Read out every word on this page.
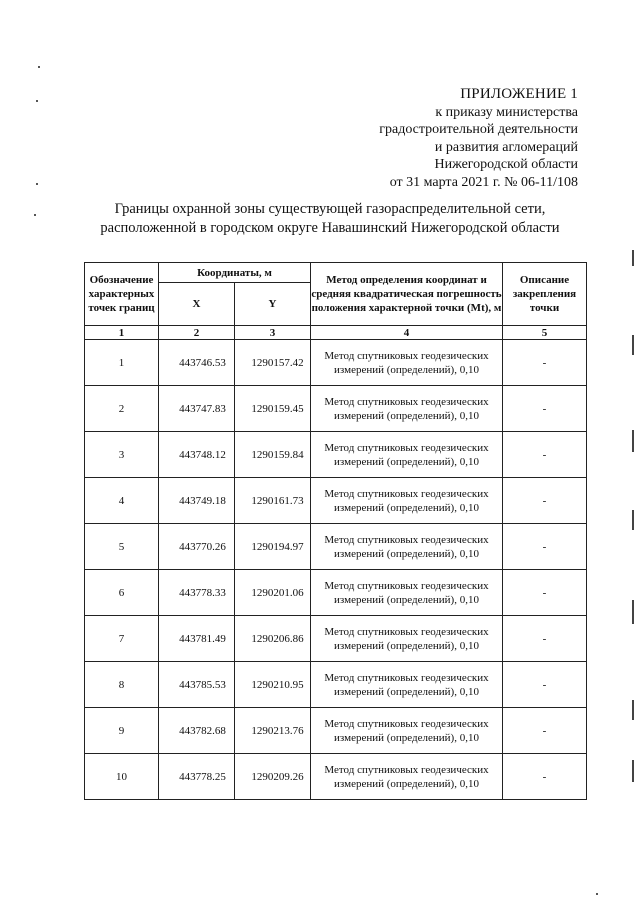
ПРИЛОЖЕНИЕ 1
к приказу министерства
градостроительной деятельности
и развития агломераций
Нижегородской области
от 31 марта 2021 г. № 06-11/108
Границы охранной зоны существующей газораспределительной сети,
расположенной в городском округе Навашинский Нижегородской области
Обозначение характерных точек границ	Координаты, м		Метод определения координат и средняя квадратическая погрешность положения характерной точки (Mt), м	Описание закрепления точки
	X	Y		
1	2	3	4	5
1	443746.53	1290157.42	Метод спутниковых геодезических измерений (определений), 0,10	-
2	443747.83	1290159.45	Метод спутниковых геодезических измерений (определений), 0,10	-
3	443748.12	1290159.84	Метод спутниковых геодезических измерений (определений), 0,10	-
4	443749.18	1290161.73	Метод спутниковых геодезических измерений (определений), 0,10	-
5	443770.26	1290194.97	Метод спутниковых геодезических измерений (определений), 0,10	-
6	443778.33	1290201.06	Метод спутниковых геодезических измерений (определений), 0,10	-
7	443781.49	1290206.86	Метод спутниковых геодезических измерений (определений), 0,10	-
8	443785.53	1290210.95	Метод спутниковых геодезических измерений (определений), 0,10	-
9	443782.68	1290213.76	Метод спутниковых геодезических измерений (определений), 0,10	-
10	443778.25	1290209.26	Метод спутниковых геодезических измерений (определений), 0,10	-
